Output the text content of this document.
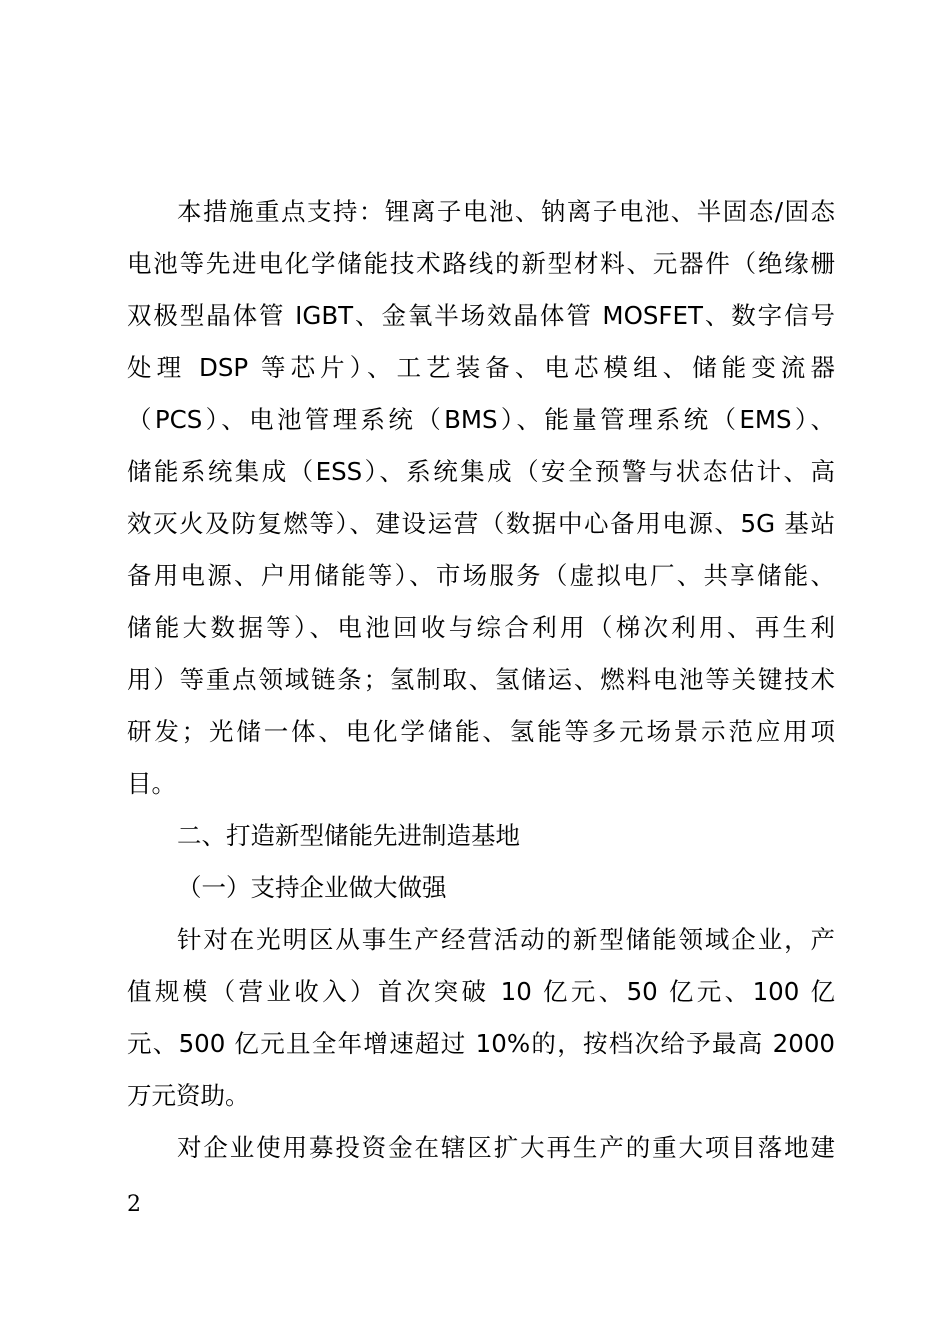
本措施重点支持：锂离子电池、钠离子电池、半固态/固态
电池等先进电化学储能技术路线的新型材料、元器件（绝缘栅
双极型晶体管 IGBT、金氧半场效晶体管 MOSFET、数字信号
处理 DSP 等芯片）、工艺装备、电芯模组、储能变流器
（PCS）、电池管理系统（BMS）、能量管理系统（EMS）、
储能系统集成（ESS）、系统集成（安全预警与状态估计、高
效灭火及防复燃等）、建设运营（数据中心备用电源、5G 基站
备用电源、户用储能等）、市场服务（虚拟电厂、共享储能、
储能大数据等）、电池回收与综合利用（梯次利用、再生利
用）等重点领域链条；氢制取、氢储运、燃料电池等关键技术
研发；光储一体、电化学储能、氢能等多元场景示范应用项
目。
二、打造新型储能先进制造基地
（一）支持企业做大做强
针对在光明区从事生产经营活动的新型储能领域企业，产
值规模（营业收入）首次突破 10 亿元、50 亿元、100 亿
元、500 亿元且全年增速超过 10%的，按档次给予最高 2000
万元资助。
对企业使用募投资金在辖区扩大再生产的重大项目落地建
2
